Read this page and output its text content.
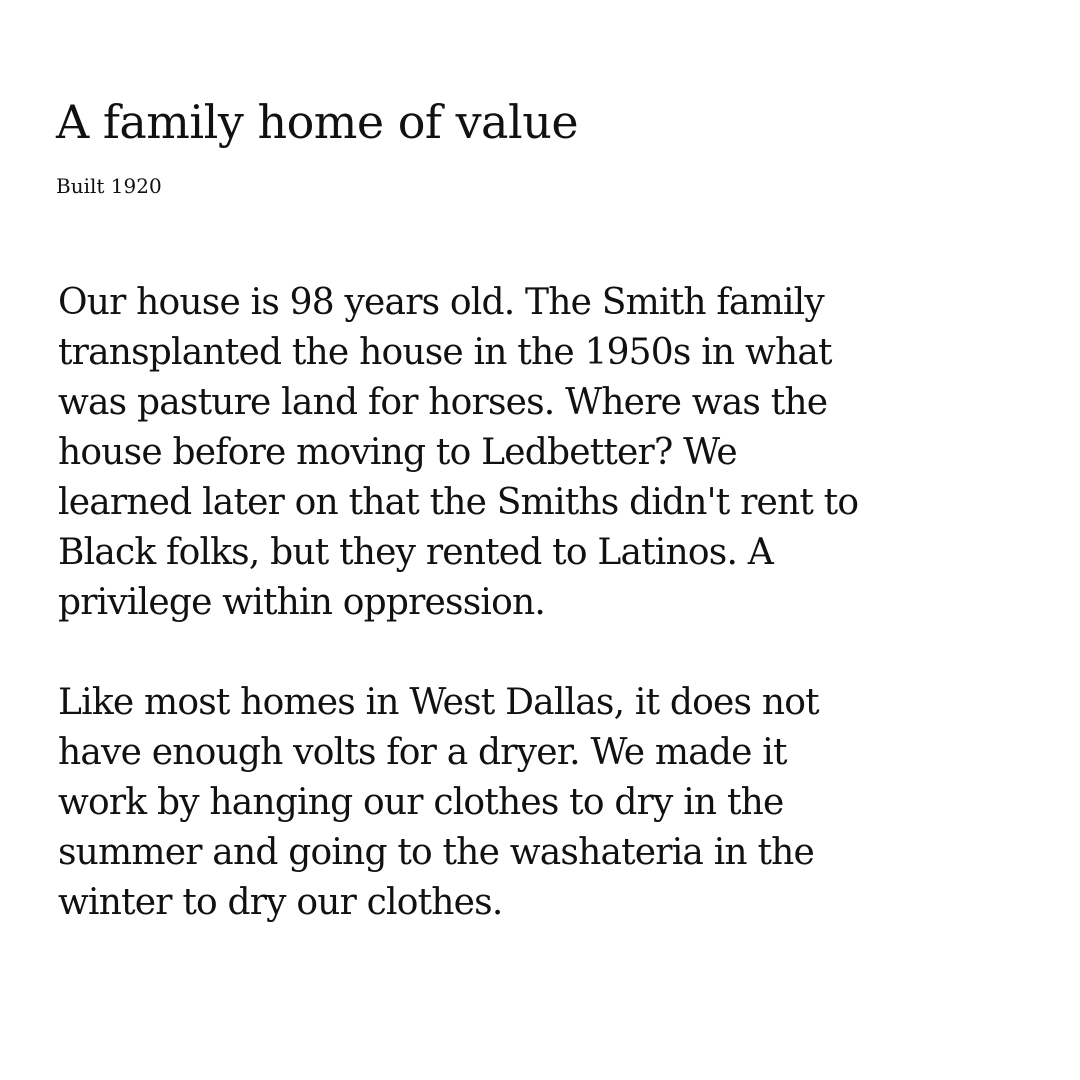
A family home of value

Built 1920

Our house is 98 years old. The Smith family
transplanted the house in the 1950s in what
was pasture land for horses. Where was the
house before moving to Ledbetter? We
learned later on that the Smiths didn't rent to
Black folks, but they rented to Latinos. A
privilege within oppression.

Like most homes in West Dallas, it does not
have enough volts for a dryer. We made it
work by hanging our clothes to dry in the
summer and going to the washateria in the
winter to dry our clothes.
